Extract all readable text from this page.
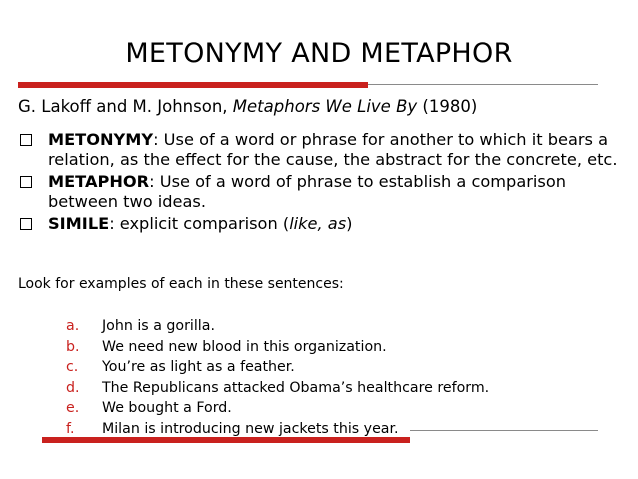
METONYMY AND METAPHOR
G. Lakoff and M. Johnson, Metaphors We Live By (1980)
METONYMY: Use of a word or phrase for another to which it bears a relation, as the effect for the cause, the abstract for the concrete, etc.
METAPHOR: Use of a word of phrase to establish a comparison between two ideas.
SIMILE: explicit comparison (like, as)
Look for examples of each in these sentences:
a. John is a gorilla.
b. We need new blood in this organization.
c. You’re as light as a feather.
d. The Republicans attacked Obama’s healthcare reform.
e. We bought a Ford.
f. Milan is introducing new jackets this year.
